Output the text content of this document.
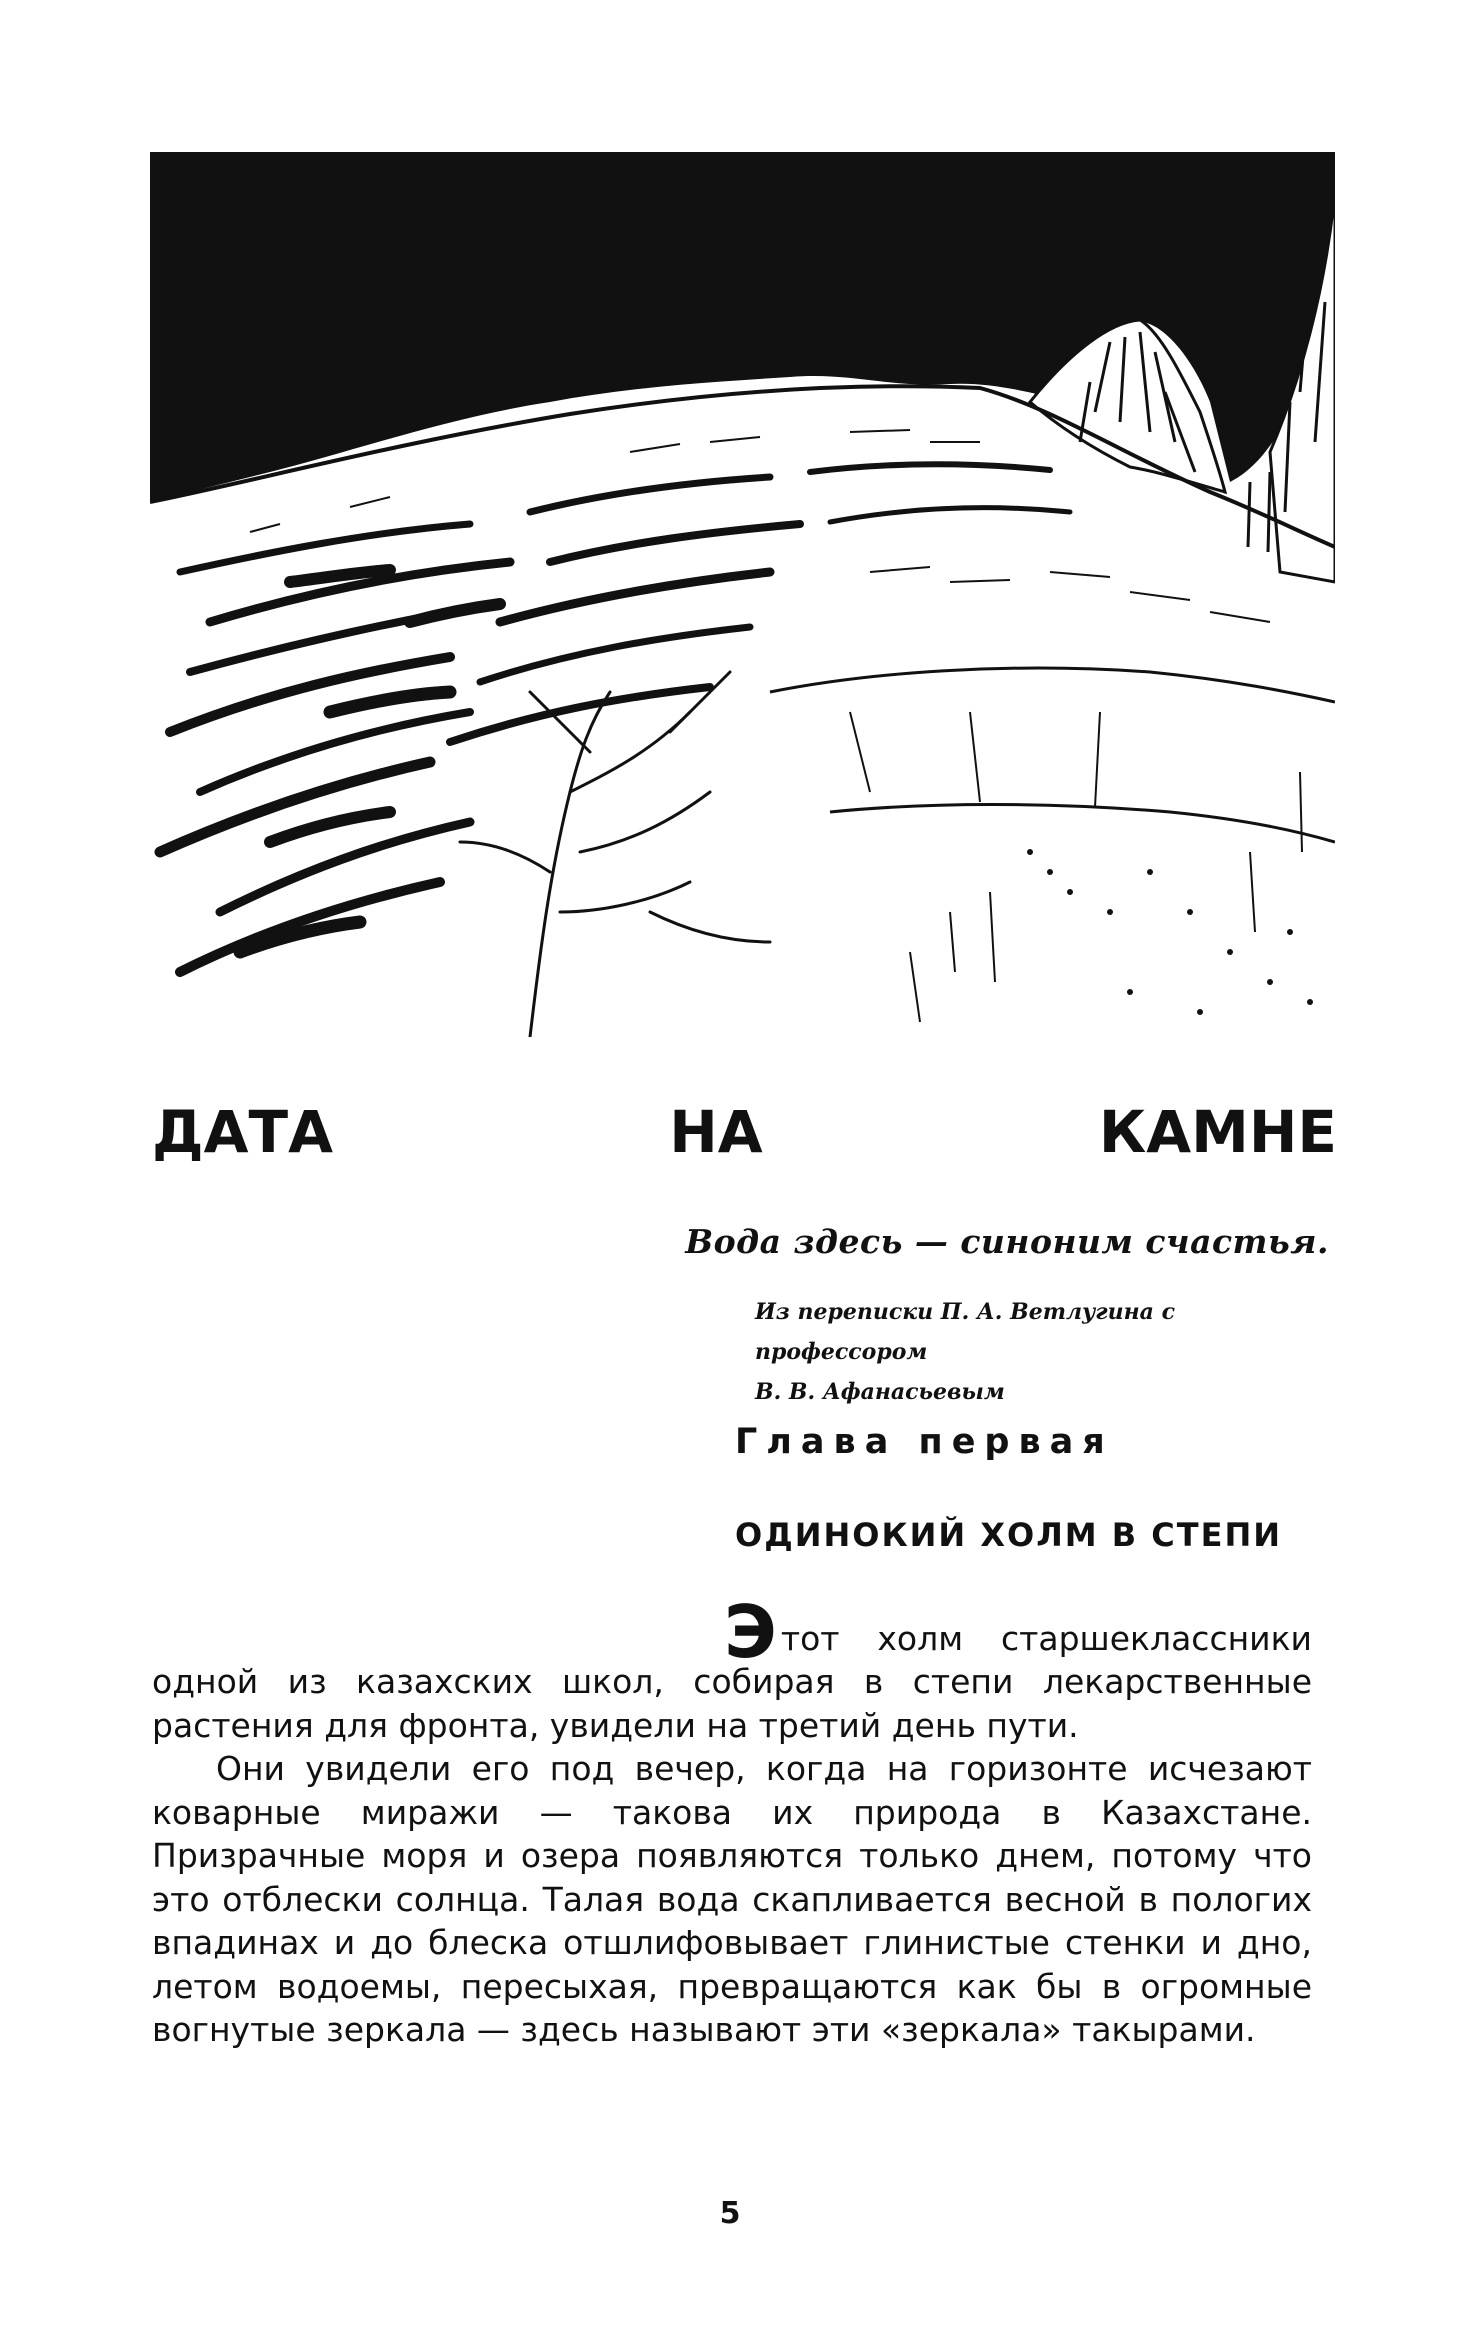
ДАТА	НА	КАМНЕ

Вода здесь — синоним счастья.

Из переписки П. А. Ветлугина с профессором
В. В. Афанасьевым
Глава первая
ОДИНОКИЙ ХОЛМ В СТЕПИ
Э тот холм старшеклассники

одной из казахских школ, собирая в степи лекарственные растения для фронта, увидели на третий день пути.

Они увидели его под вечер, когда на горизонте исчезают коварные миражи — такова их природа в Казахстане. Призрачные моря и озера появляются только днем, потому что это отблески солнца. Талая вода скапливается весной в пологих впадинах и до блеска отшлифовывает глинистые стенки и дно, летом водоемы, пересыхая, превращаются как бы в огромные вогнутые зеркала — здесь называют эти «зеркала» такырами.

5
